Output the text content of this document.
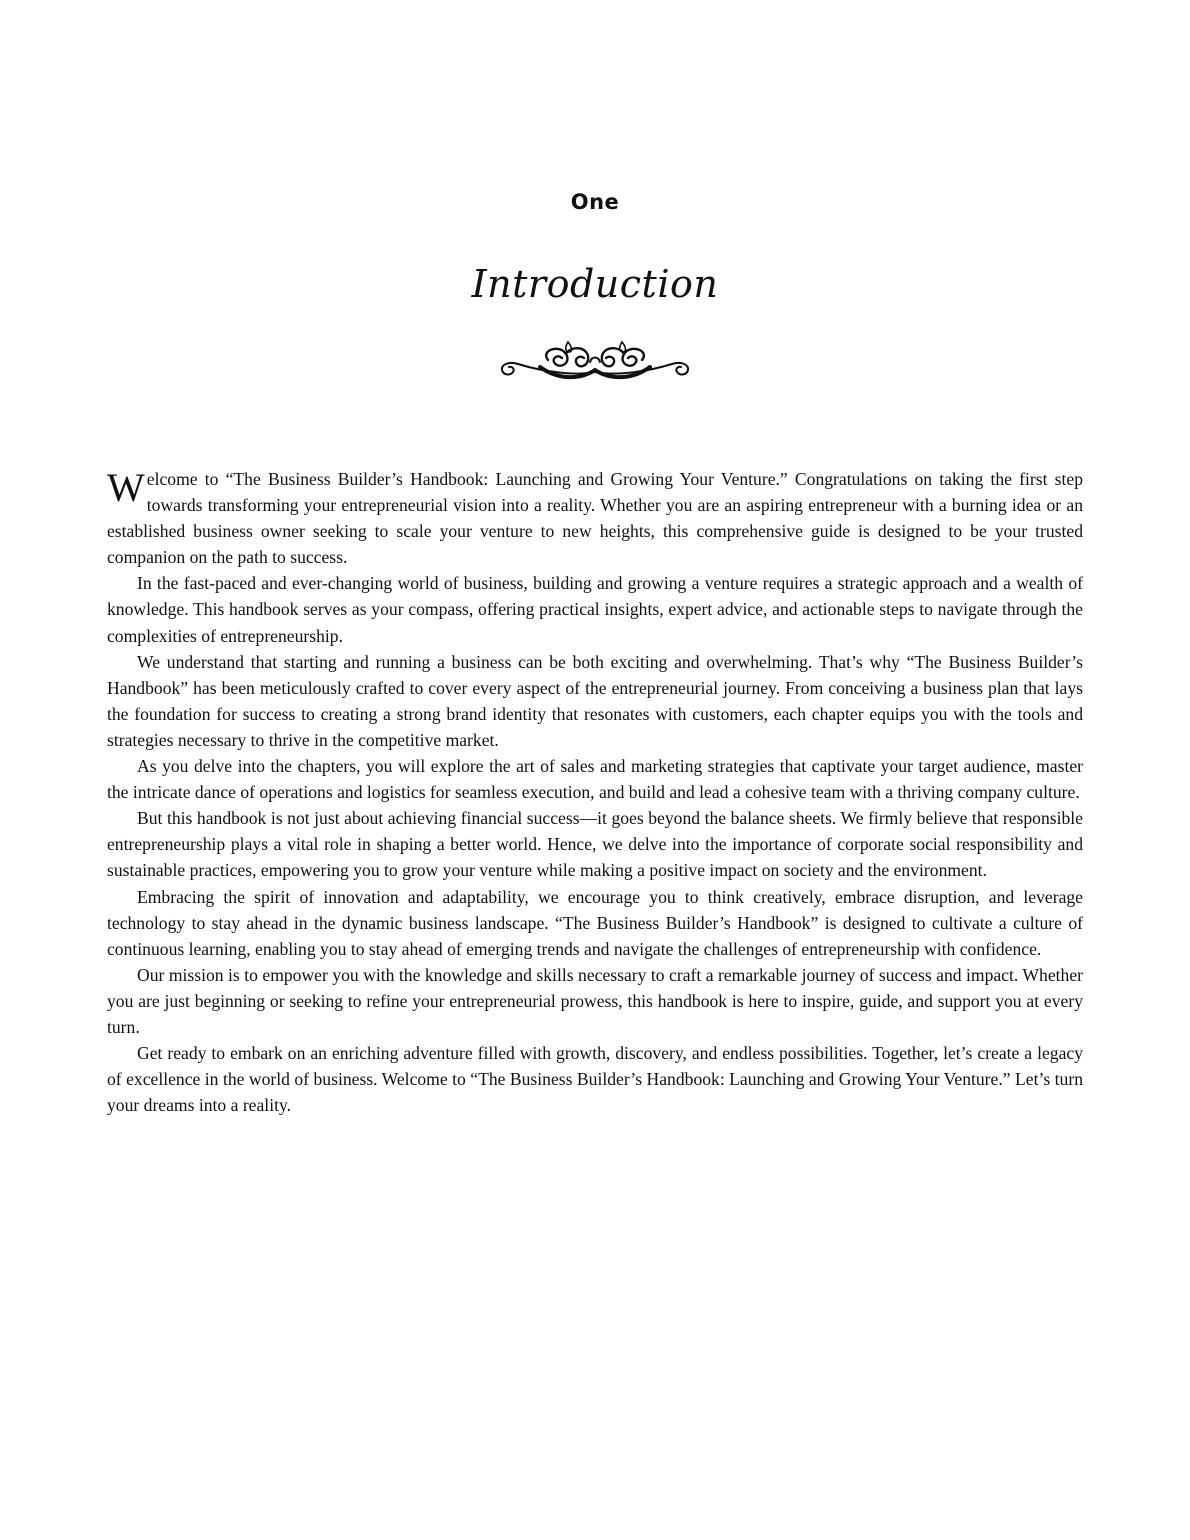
One
Introduction

Welcome to “The Business Builder’s Handbook: Launching and Growing Your Venture.” Congratulations on taking the first step towards transforming your entrepreneurial vision into a reality. Whether you are an aspiring entrepreneur with a burning idea or an established business owner seeking to scale your venture to new heights, this comprehensive guide is designed to be your trusted companion on the path to success.

In the fast-paced and ever-changing world of business, building and growing a venture requires a strategic approach and a wealth of knowledge. This handbook serves as your compass, offering practical insights, expert advice, and actionable steps to navigate through the complexities of entrepreneurship.

We understand that starting and running a business can be both exciting and overwhelming. That’s why “The Business Builder’s Handbook” has been meticulously crafted to cover every aspect of the entrepreneurial journey. From conceiving a business plan that lays the foundation for success to creating a strong brand identity that resonates with customers, each chapter equips you with the tools and strategies necessary to thrive in the competitive market.

As you delve into the chapters, you will explore the art of sales and marketing strategies that captivate your target audience, master the intricate dance of operations and logistics for seamless execution, and build and lead a cohesive team with a thriving company culture.

But this handbook is not just about achieving financial success—it goes beyond the balance sheets. We firmly believe that responsible entrepreneurship plays a vital role in shaping a better world. Hence, we delve into the importance of corporate social responsibility and sustainable practices, empowering you to grow your venture while making a positive impact on society and the environment.

Embracing the spirit of innovation and adaptability, we encourage you to think creatively, embrace disruption, and leverage technology to stay ahead in the dynamic business landscape. “The Business Builder’s Handbook” is designed to cultivate a culture of continuous learning, enabling you to stay ahead of emerging trends and navigate the challenges of entrepreneurship with confidence.

Our mission is to empower you with the knowledge and skills necessary to craft a remarkable journey of success and impact. Whether you are just beginning or seeking to refine your entrepreneurial prowess, this handbook is here to inspire, guide, and support you at every turn.

Get ready to embark on an enriching adventure filled with growth, discovery, and endless possibilities. Together, let’s create a legacy of excellence in the world of business. Welcome to “The Business Builder’s Handbook: Launching and Growing Your Venture.” Let’s turn your dreams into a reality.
